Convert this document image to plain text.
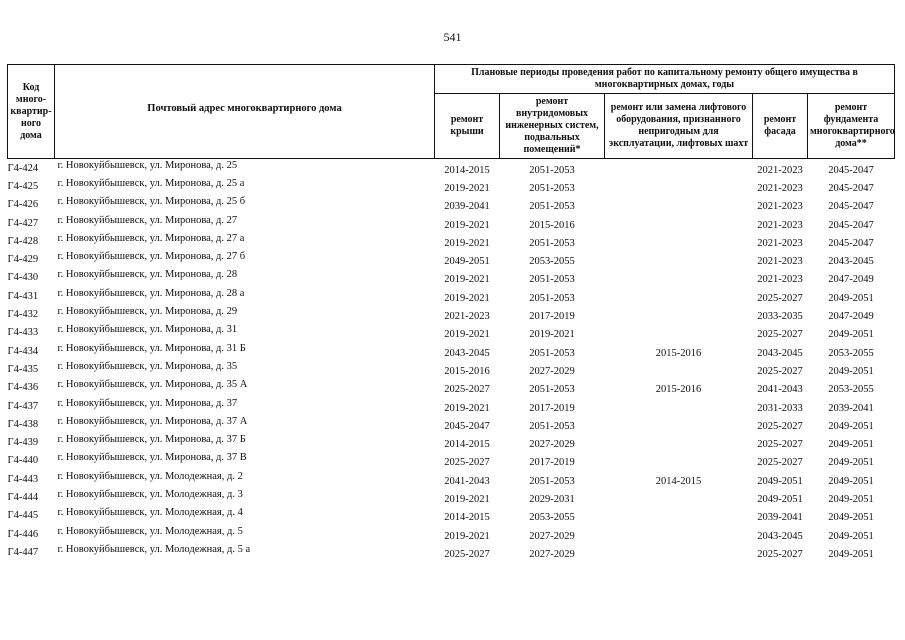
541
Код много-квартир-ного дома	Почтовый адрес многоквартирного дома	Плановые периоды проведения работ по капитальному ремонту общего имущества в многоквартирных домах, годы				
		ремонт крыши	ремонт внутридомовых инженерных систем, подвальных помещений*	ремонт или замена лифтового оборудования, признанного непригодным для эксплуатации, лифтовых шахт	ремонт фасада	ремонт фундамента многоквартирного дома**
Г4-424	г. Новокуйбышевск, ул. Миронова, д. 25	2014-2015	2051-2053		2021-2023	2045-2047
Г4-425	г. Новокуйбышевск, ул. Миронова, д. 25 а	2019-2021	2051-2053		2021-2023	2045-2047
Г4-426	г. Новокуйбышевск, ул. Миронова, д. 25 б	2039-2041	2051-2053		2021-2023	2045-2047
Г4-427	г. Новокуйбышевск, ул. Миронова, д. 27	2019-2021	2015-2016		2021-2023	2045-2047
Г4-428	г. Новокуйбышевск, ул. Миронова, д. 27 а	2019-2021	2051-2053		2021-2023	2045-2047
Г4-429	г. Новокуйбышевск, ул. Миронова, д. 27 б	2049-2051	2053-2055		2021-2023	2043-2045
Г4-430	г. Новокуйбышевск, ул. Миронова, д. 28	2019-2021	2051-2053		2021-2023	2047-2049
Г4-431	г. Новокуйбышевск, ул. Миронова, д. 28 а	2019-2021	2051-2053		2025-2027	2049-2051
Г4-432	г. Новокуйбышевск, ул. Миронова, д. 29	2021-2023	2017-2019		2033-2035	2047-2049
Г4-433	г. Новокуйбышевск, ул. Миронова, д. 31	2019-2021	2019-2021		2025-2027	2049-2051
Г4-434	г. Новокуйбышевск, ул. Миронова, д. 31 Б	2043-2045	2051-2053	2015-2016	2043-2045	2053-2055
Г4-435	г. Новокуйбышевск, ул. Миронова, д. 35	2015-2016	2027-2029		2025-2027	2049-2051
Г4-436	г. Новокуйбышевск, ул. Миронова, д. 35 А	2025-2027	2051-2053	2015-2016	2041-2043	2053-2055
Г4-437	г. Новокуйбышевск, ул. Миронова, д. 37	2019-2021	2017-2019		2031-2033	2039-2041
Г4-438	г. Новокуйбышевск, ул. Миронова, д. 37 А	2045-2047	2051-2053		2025-2027	2049-2051
Г4-439	г. Новокуйбышевск, ул. Миронова, д. 37 Б	2014-2015	2027-2029		2025-2027	2049-2051
Г4-440	г. Новокуйбышевск, ул. Миронова, д. 37 В	2025-2027	2017-2019		2025-2027	2049-2051
Г4-443	г. Новокуйбышевск, ул. Молодежная, д. 2	2041-2043	2051-2053	2014-2015	2049-2051	2049-2051
Г4-444	г. Новокуйбышевск, ул. Молодежная, д. 3	2019-2021	2029-2031		2049-2051	2049-2051
Г4-445	г. Новокуйбышевск, ул. Молодежная, д. 4	2014-2015	2053-2055		2039-2041	2049-2051
Г4-446	г. Новокуйбышевск, ул. Молодежная, д. 5	2019-2021	2027-2029		2043-2045	2049-2051
Г4-447	г. Новокуйбышевск, ул. Молодежная, д. 5 а	2025-2027	2027-2029		2025-2027	2049-2051
